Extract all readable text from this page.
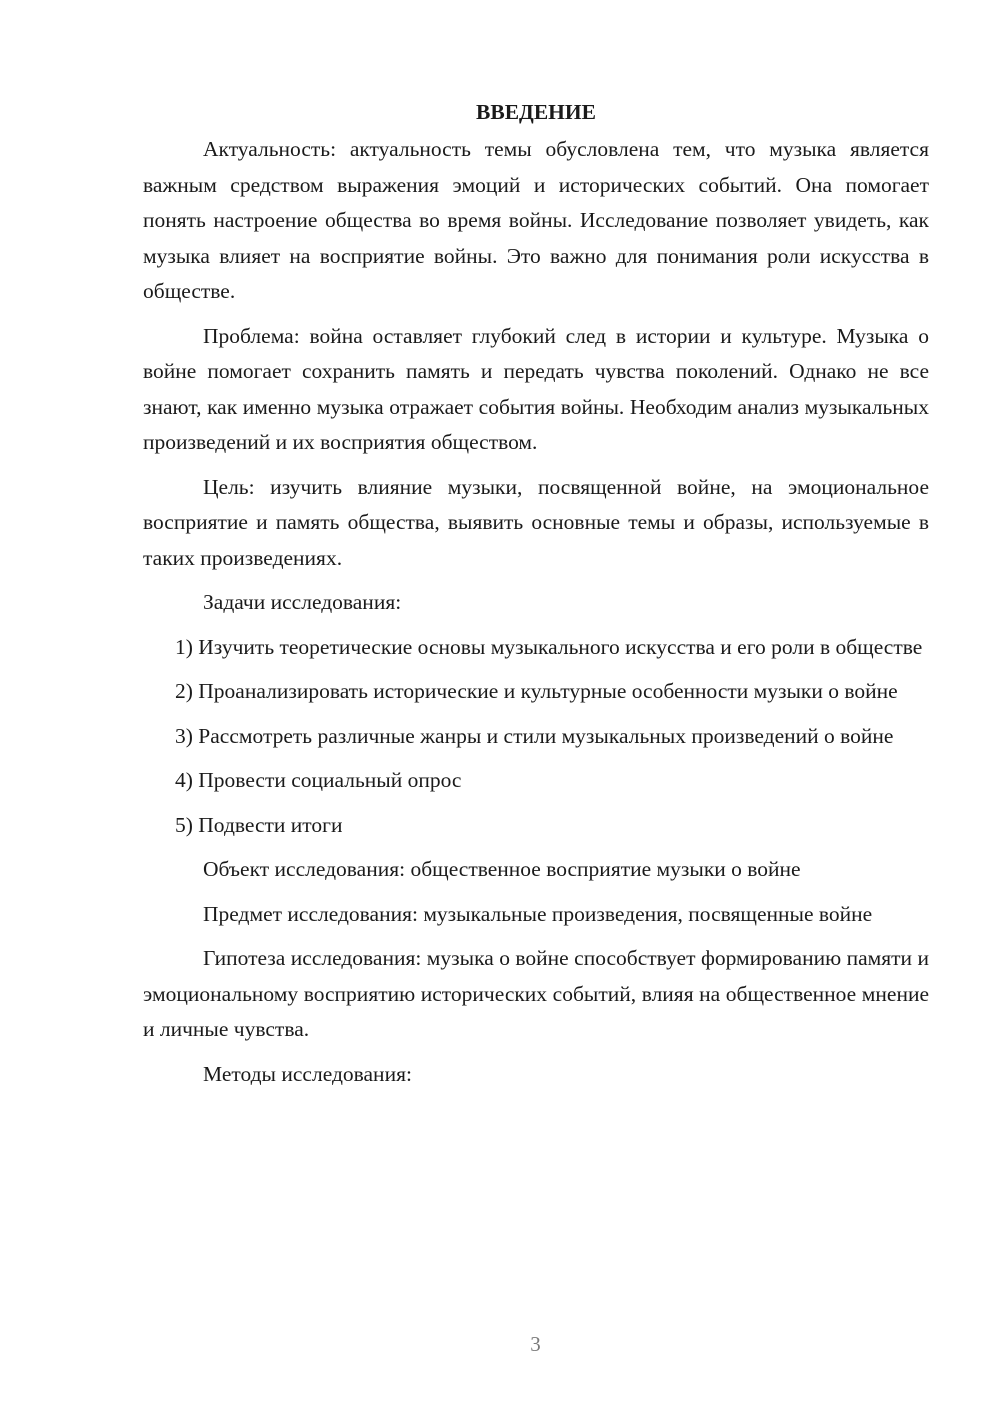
ВВЕДЕНИЕ

Актуальность: актуальность темы обусловлена тем, что музыка является важным средством выражения эмоций и исторических событий. Она помогает понять настроение общества во время войны. Исследование позволяет увидеть, как музыка влияет на восприятие войны. Это важно для понимания роли искусства в обществе.

Проблема: война оставляет глубокий след в истории и культуре. Музыка о войне помогает сохранить память и передать чувства поколений. Однако не все знают, как именно музыка отражает события войны. Необходим анализ музыкальных произведений и их восприятия обществом.

Цель: изучить влияние музыки, посвященной войне, на эмоциональное восприятие и память общества, выявить основные темы и образы, используемые в таких произведениях.

Задачи исследования:

1) Изучить теоретические основы музыкального искусства и его роли в обществе

2) Проанализировать исторические и культурные особенности музыки о войне

3) Рассмотреть различные жанры и стили музыкальных произведений о войне

4) Провести социальный опрос

5) Подвести итоги

Объект исследования: общественное восприятие музыки о войне

Предмет исследования: музыкальные произведения, посвященные войне

Гипотеза исследования: музыка о войне способствует формированию памяти и эмоциональному восприятию исторических событий, влияя на общественное мнение и личные чувства.

Методы исследования:

3
